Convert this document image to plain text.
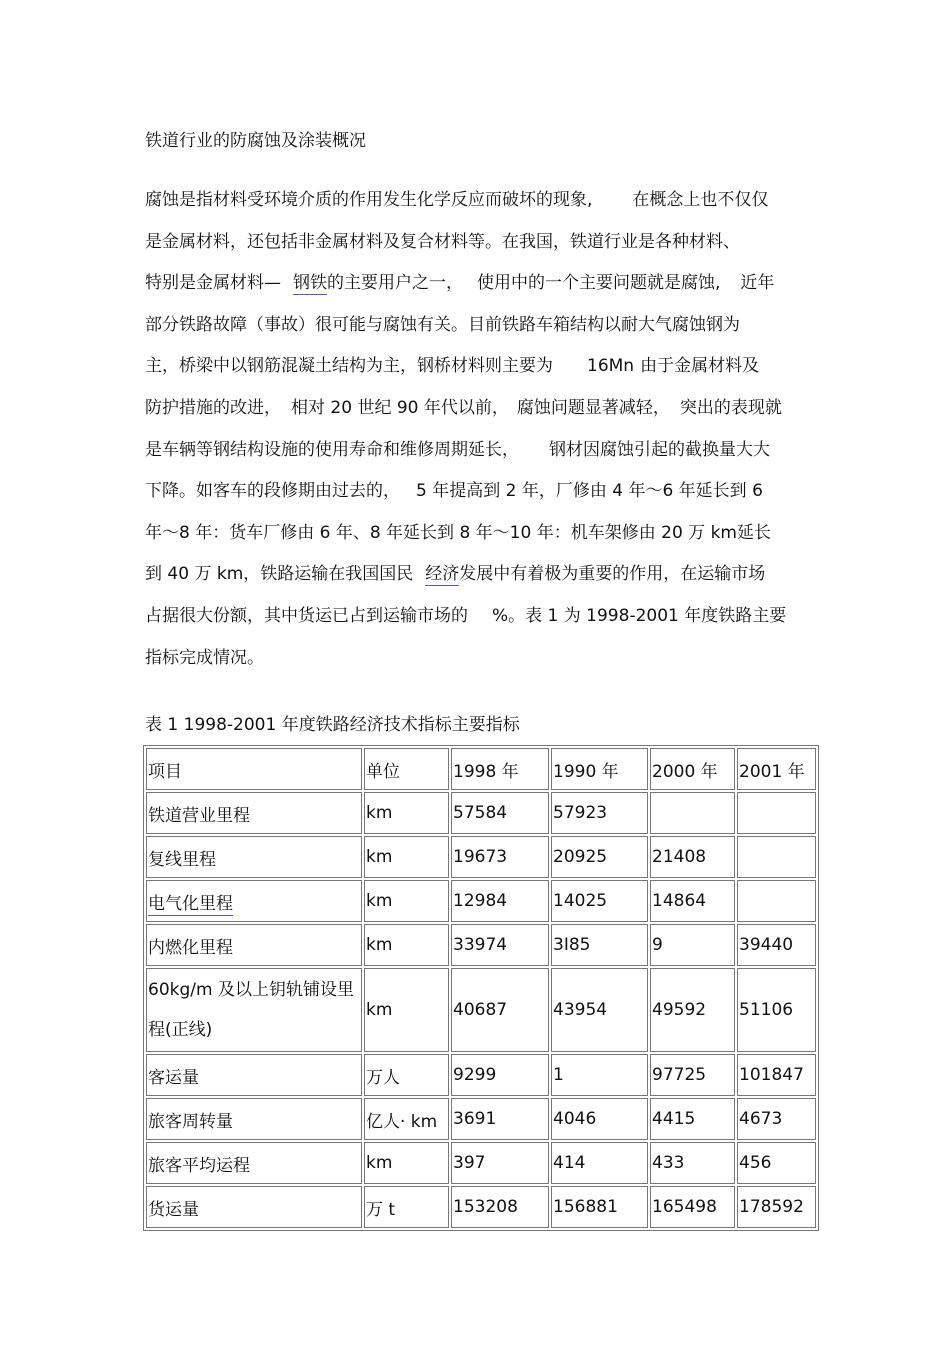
铁道行业的防腐蚀及涂装概况
腐蚀是指材料受环境介质的作用发生化学反应而破坏的现象, 在概念上也不仅仅
是金属材料，还包括非金属材料及复合材料等。在我国，铁道行业是各种材料、
特别是金属材料— 钢铁的主要用户之一， 使用中的一个主要问题就是腐蚀, 近年
部分铁路故障（事故）很可能与腐蚀有关。目前铁路车箱结构以耐大气腐蚀钢为
主，桥梁中以钢筋混凝土结构为主，钢桥材料则主要为 16Mn 由于金属材料及
防护措施的改进， 相对 20 世纪 90 年代以前， 腐蚀问题显著减轻， 突出的表现就
是车辆等钢结构设施的使用寿命和维修周期延长， 钢材因腐蚀引起的截换量大大
下降。如客车的段修期由过去的， 5 年提高到 2 年，厂修由 4 年～6 年延长到 6
年～8 年：货车厂修由 6 年、8 年延长到 8 年～10 年：机车架修由 20 万 km延长
到 40 万 km，铁路运输在我国国民 经济发展中有着极为重要的作用，在运输市场
占据很大份额，其中货运已占到运输市场的 %。表 1 为 1998-2001 年度铁路主要
指标完成情况。
表 1 1998-2001 年度铁路经济技术指标主要指标
项目	单位	1998 年	1990 年	2000 年	2001 年
铁道营业里程	km	57584	57923		
复线里程	km	19673	20925	21408	
电气化里程	km	12984	14025	14864	
内燃化里程	km	33974	3I85	9	39440
60kg/m 及以上钥轨铺设里程(正线)	km	40687	43954	49592	51106
客运量	万人	9299	1	97725	101847
旅客周转量	亿人· km	3691	4046	4415	4673
旅客平均运程	km	397	414	433	456
货运量	万 t	153208	156881	165498	178592
